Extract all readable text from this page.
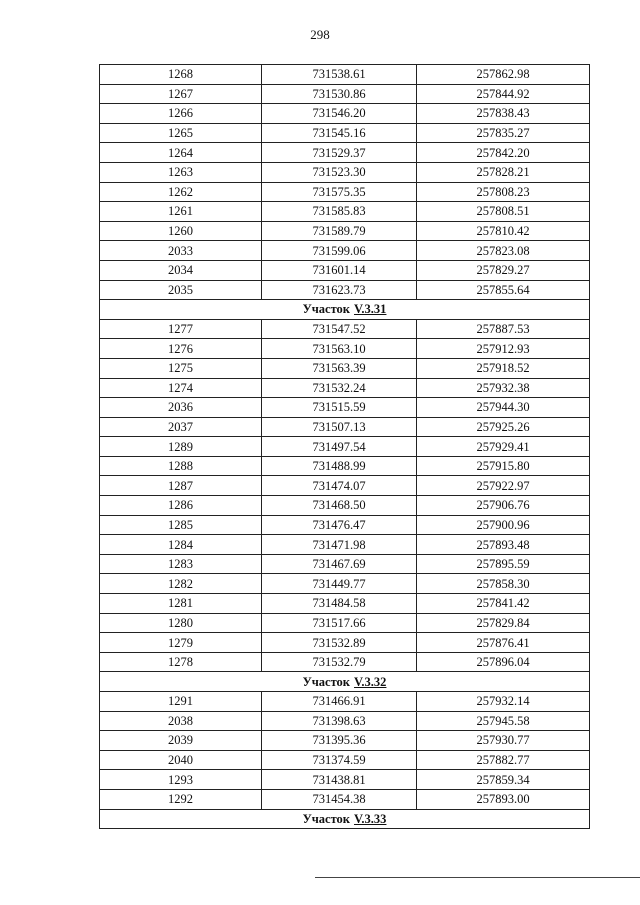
298
1268	731538.61	257862.98
1267	731530.86	257844.92
1266	731546.20	257838.43
1265	731545.16	257835.27
1264	731529.37	257842.20
1263	731523.30	257828.21
1262	731575.35	257808.23
1261	731585.83	257808.51
1260	731589.79	257810.42
2033	731599.06	257823.08
2034	731601.14	257829.27
2035	731623.73	257855.64
Участок V.3.31		
1277	731547.52	257887.53
1276	731563.10	257912.93
1275	731563.39	257918.52
1274	731532.24	257932.38
2036	731515.59	257944.30
2037	731507.13	257925.26
1289	731497.54	257929.41
1288	731488.99	257915.80
1287	731474.07	257922.97
1286	731468.50	257906.76
1285	731476.47	257900.96
1284	731471.98	257893.48
1283	731467.69	257895.59
1282	731449.77	257858.30
1281	731484.58	257841.42
1280	731517.66	257829.84
1279	731532.89	257876.41
1278	731532.79	257896.04
Участок V.3.32		
1291	731466.91	257932.14
2038	731398.63	257945.58
2039	731395.36	257930.77
2040	731374.59	257882.77
1293	731438.81	257859.34
1292	731454.38	257893.00
Участок V.3.33		
